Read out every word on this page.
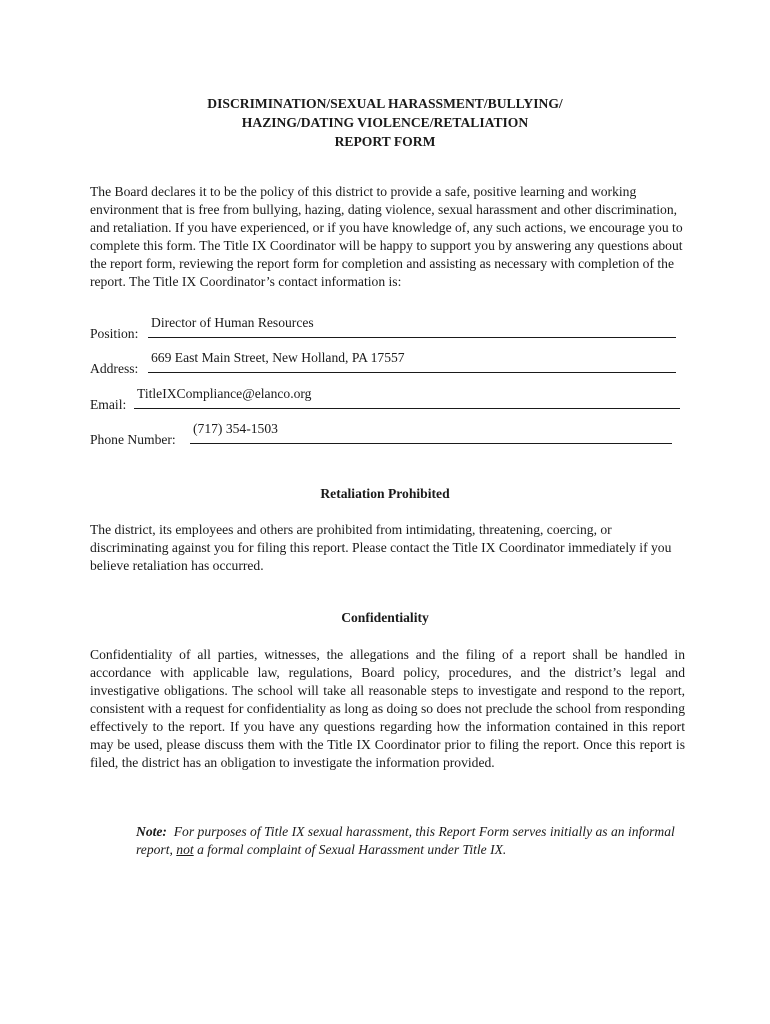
DISCRIMINATION/SEXUAL HARASSMENT/BULLYING/
HAZING/DATING VIOLENCE/RETALIATION
REPORT FORM
The Board declares it to be the policy of this district to provide a safe, positive learning and working environment that is free from bullying, hazing, dating violence, sexual harassment and other discrimination, and retaliation. If you have experienced, or if you have knowledge of, any such actions, we encourage you to complete this form. The Title IX Coordinator will be happy to support you by answering any questions about the report form, reviewing the report form for completion and assisting as necessary with completion of the report. The Title IX Coordinator’s contact information is:
Position:
Director of Human Resources
Address:
669 East Main Street, New Holland, PA 17557
Email:
TitleIXCompliance@elanco.org
Phone Number:
(717) 354-1503
Retaliation Prohibited
The district, its employees and others are prohibited from intimidating, threatening, coercing, or discriminating against you for filing this report. Please contact the Title IX Coordinator immediately if you believe retaliation has occurred.
Confidentiality
Confidentiality of all parties, witnesses, the allegations and the filing of a report shall be handled in accordance with applicable law, regulations, Board policy, procedures, and the district’s legal and investigative obligations. The school will take all reasonable steps to investigate and respond to the report, consistent with a request for confidentiality as long as doing so does not preclude the school from responding effectively to the report. If you have any questions regarding how the information contained in this report may be used, please discuss them with the Title IX Coordinator prior to filing the report. Once this report is filed, the district has an obligation to investigate the information provided.
Note: For purposes of Title IX sexual harassment, this Report Form serves initially as an informal report, not a formal complaint of Sexual Harassment under Title IX.
